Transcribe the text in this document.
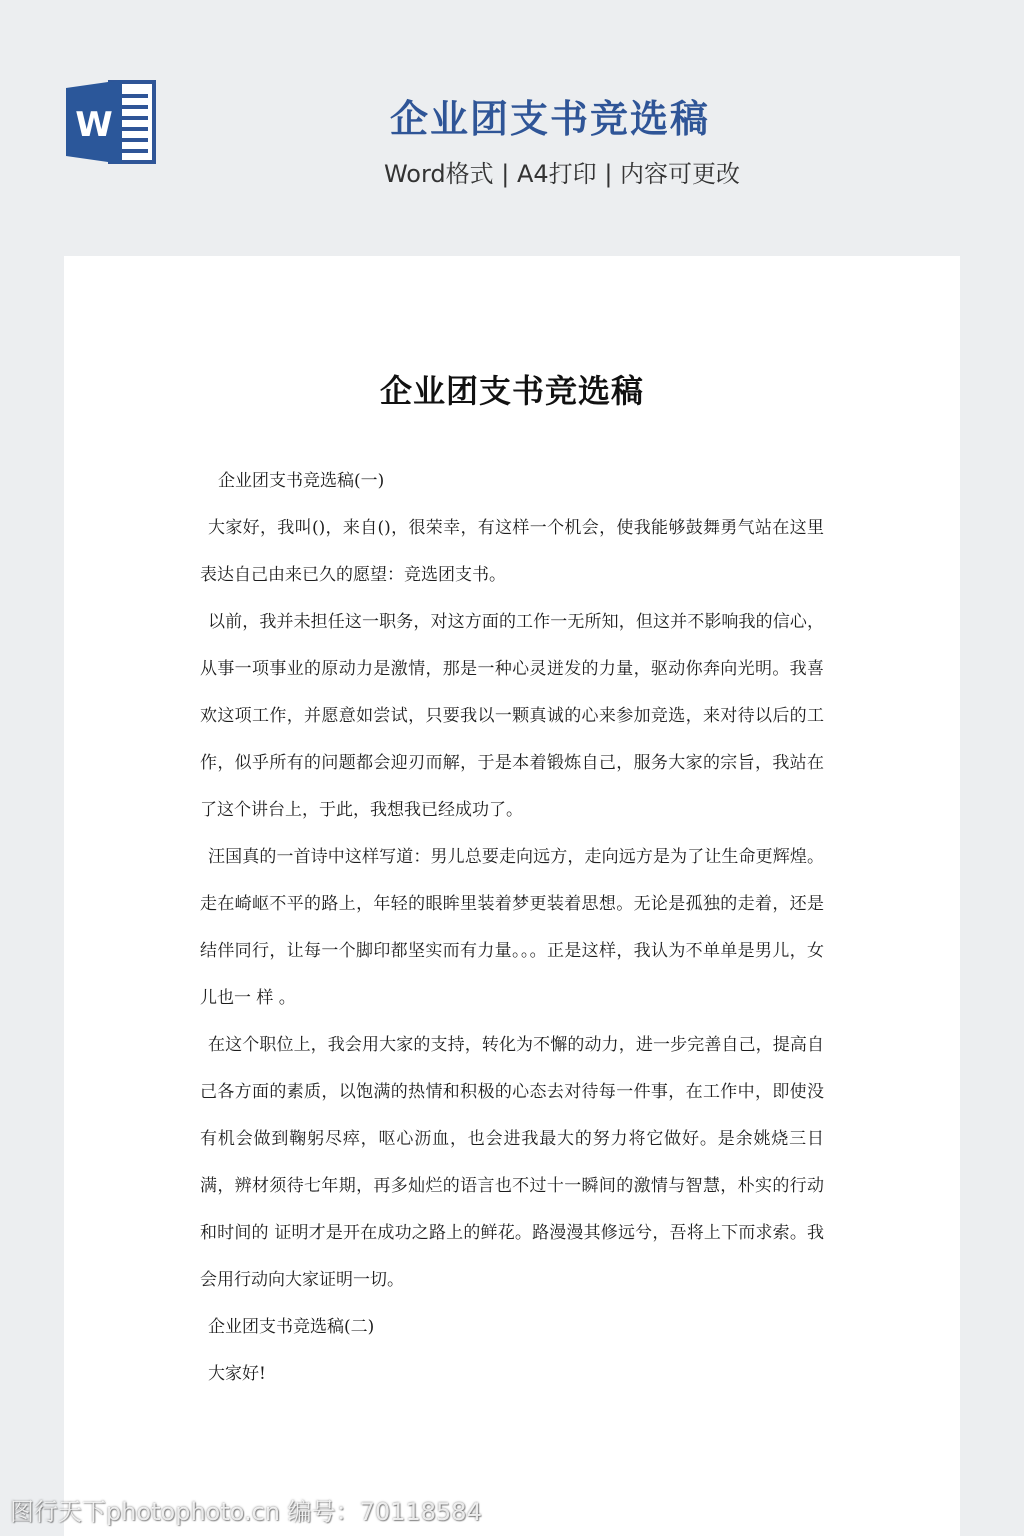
W	企业团支书竞选稿
Word格式 | A4打印 | 内容可更改
企业团支书竞选稿

企业团支书竞选稿(一)

大家好，我叫()，来自()，很荣幸，有这样一个机会，使我能够鼓舞勇气站在这里表达自己由来已久的愿望：竞选团支书。

以前，我并未担任这一职务，对这方面的工作一无所知，但这并不影响我的信心，从事一项事业的原动力是激情，那是一种心灵迸发的力量，驱动你奔向光明。我喜欢这项工作，并愿意如尝试，只要我以一颗真诚的心来参加竞选，来对待以后的工作，似乎所有的问题都会迎刃而解，于是本着锻炼自己，服务大家的宗旨，我站在了这个讲台上，于此，我想我已经成功了。

汪国真的一首诗中这样写道：男儿总要走向远方，走向远方是为了让生命更辉煌。走在崎岖不平的路上，年轻的眼眸里装着梦更装着思想。无论是孤独的走着，还是结伴同行，让每一个脚印都坚实而有力量。。。正是这样，我认为不单单是男儿，女儿也一 样 。

在这个职位上，我会用大家的支持，转化为不懈的动力，进一步完善自己，提高自己各方面的素质，以饱满的热情和积极的心态去对待每一件事，在工作中，即使没有机会做到鞠躬尽瘁，呕心沥血，也会进我最大的努力将它做好。是余姚烧三日满，辨材须待七年期，再多灿烂的语言也不过十一瞬间的激情与智慧，朴实的行动和时间的 证明才是开在成功之路上的鲜花。路漫漫其修远兮，吾将上下而求索。我会用行动向大家证明一切。

企业团支书竞选稿(二)

大家好!

图行天下photophoto.cn 编号：70118584
